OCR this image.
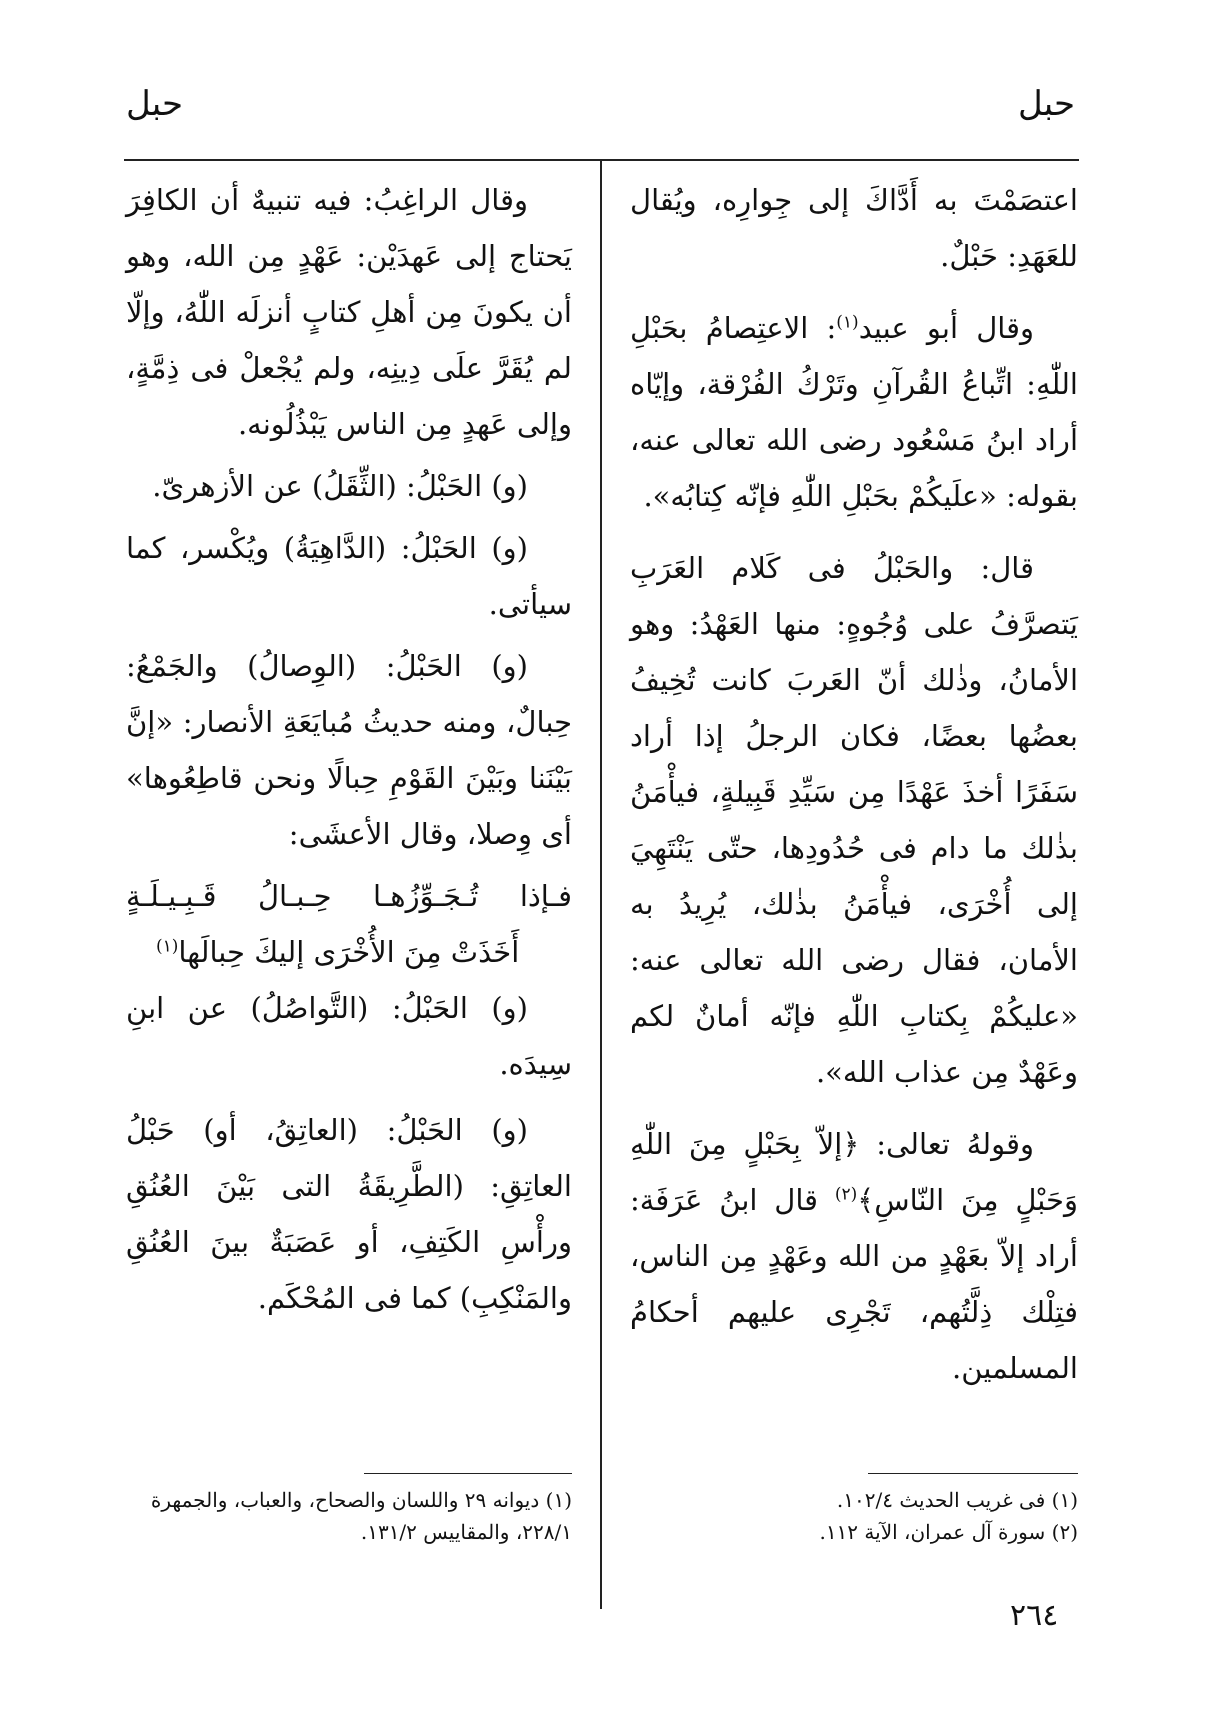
حبل
حبل

اعتصَمْتَ به أَدَّاكَ إلى جِوارِه، ويُقال للعَهَدِ: حَبْلٌ.

وقال أبو عبيد$^{(١)}$: الاعتِصامُ بحَبْلِ اللّٰهِ: اتِّباعُ القُرآنِ وتَرْكُ الفُرْقة، وإيّاه أراد ابنُ مَسْعُود رضى الله تعالى عنه، بقوله: «علَيكُمْ بحَبْلِ اللّٰهِ فإنّه كِتابُه».

قال: والحَبْلُ فى كَلام العَرَبِ يَتصرَّفُ على وُجُوهٍ: منها العَهْدُ: وهو الأمانُ، وذٰلك أنّ العَربَ كانت تُخِيفُ بعضُها بعضًا، فكان الرجلُ إذا أراد سَفَرًا أخذَ عَهْدًا مِن سَيِّدِ قَبِيلةٍ، فيأْمَنُ بذٰلك ما دام فى حُدُودِها، حتّى يَنْتَهِيَ إلى أُخْرَى، فيأْمَنُ بذٰلك، يُرِيدُ به الأمان، فقال رضى الله تعالى عنه: «عليكُمْ بِكتابِ اللّٰهِ فإنّه أمانٌ لكم وعَهْدٌ مِن عذاب الله».

وقولهُ تعالى: ﴿إلاّ بِحَبْلٍ مِنَ اللّٰهِ وَحَبْلٍ مِنَ النّاسِ﴾$^{(٢)}$ قال ابنُ عَرَفَة: أراد إلاّ بعَهْدٍ من الله وعَهْدٍ مِن الناس، فتِلْك ذِلَّتُهم، تَجْرِى عليهم أحكامُ المسلمين.

وقال الراغِبُ: فيه تنبيهٌ أن الكافِرَ يَحتاج إلى عَهدَيْن: عَهْدٍ مِن الله، وهو أن يكونَ مِن أهلِ كتابٍ أنزلَه اللّٰهُ، وإلّا لم يُقَرَّ علَى دِينِه، ولم يُجْعلْ فى ذِمَّةٍ، وإلى عَهدٍ مِن الناس يَبْذُلُونه.

(و) الحَبْلُ: (الثِّقَلُ) عن الأزهرىّ.

(و) الحَبْلُ: (الدَّاهِيَةُ) ويُكْسر، كما سيأتى.

(و) الحَبْلُ: (الوِصالُ) والجَمْعُ: حِبالٌ، ومنه حديثُ مُبايَعَةِ الأنصار: «إنَّ بَيْنَنا وبَيْنَ القَوْمِ حِبالًا ونحن قاطِعُوها» أى وِصلا، وقال الأعشَى:

فـإذا تُـجَـوِّزُهـا حِـبـالُ قَـبِـيـلَـةٍ

أَخَذَتْ مِنَ الأُخْرَى إليكَ حِبالَها$^{(١)}$

(و) الحَبْلُ: (التَّواصُلُ) عن ابنِ سِيدَه.

(و) الحَبْلُ: (العاتِقُ، أو) حَبْلُ العاتِقِ: (الطَّرِيقَةُ التى بَيْنَ العُنُقِ ورأْسِ الكَتِفِ، أو عَصَبَةٌ بينَ العُنُقِ والمَنْكِبِ) كما فى المُحْكَم.

(١) فى غريب الحديث ١٠٢/٤.
(٢) سورة آل عمران، الآية ١١٢.
(١) ديوانه ٢٩ واللسان والصحاح، والعباب، والجمهرة ٢٢٨/١، والمقاييس ١٣١/٢.
٢٦٤
